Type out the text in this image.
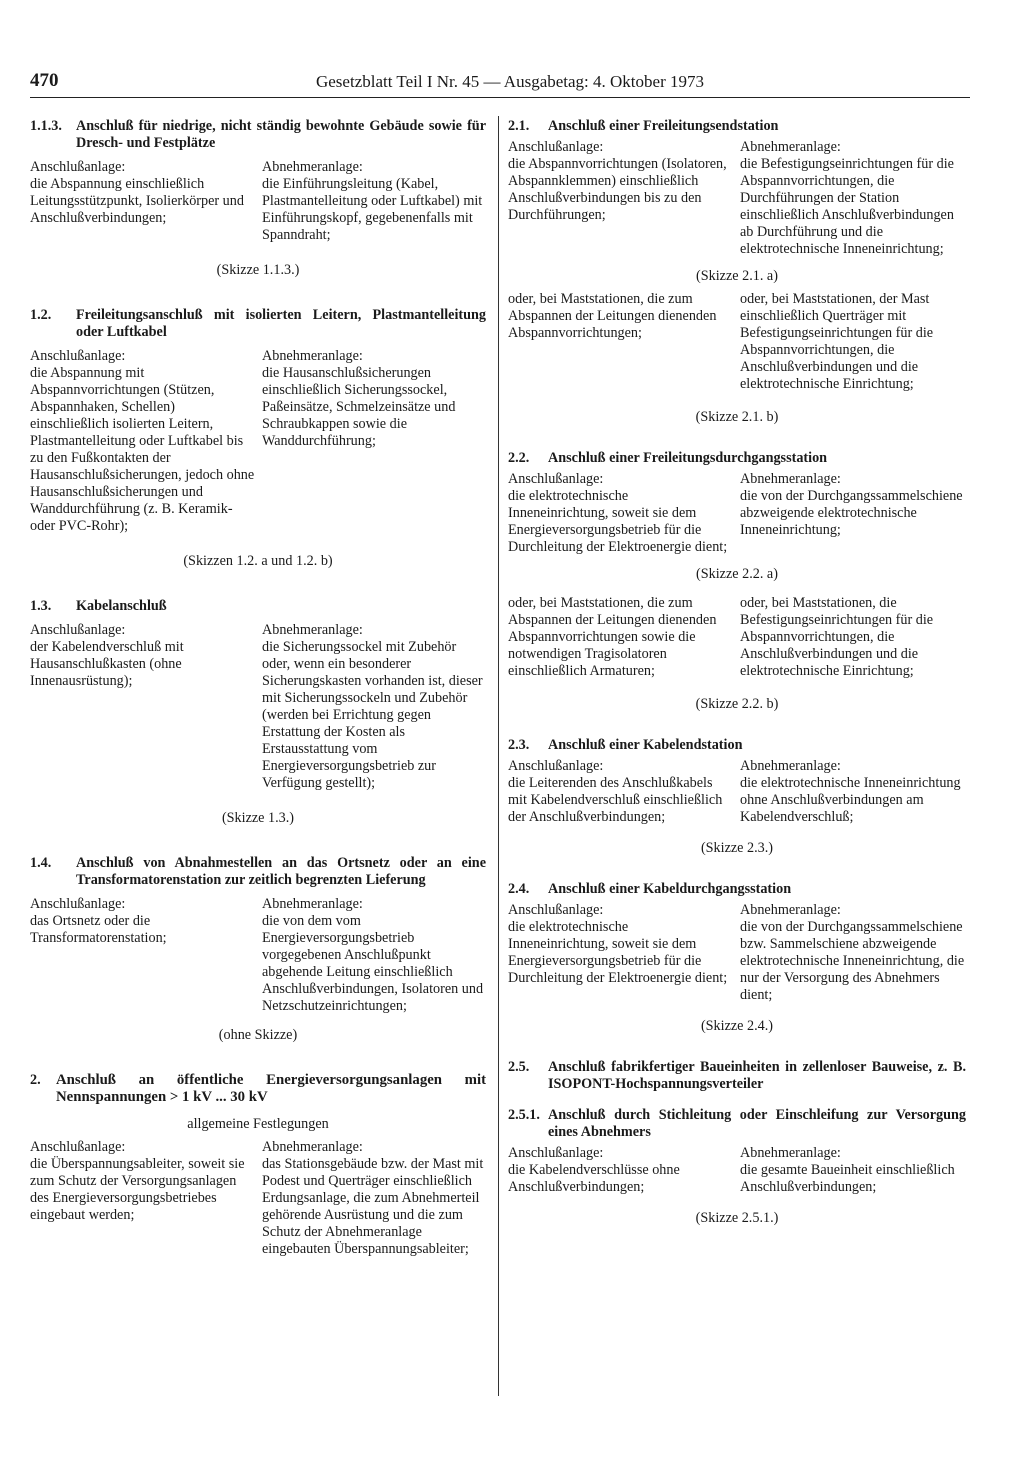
470	Gesetzblatt Teil I Nr. 45 — Ausgabetag: 4. Oktober 1973
1.1.3. Anschluß für niedrige, nicht ständig bewohnte Gebäude sowie für Dresch- und Festplätze
Anschlußanlage:
die Abspannung einschließlich Leitungsstützpunkt, Isolierkörper und Anschlußverbindungen;
Abnehmeranlage:
die Einführungsleitung (Kabel, Plastmantelleitung oder Luftkabel) mit Einführungskopf, gegebenenfalls mit Spanndraht;
(Skizze 1.1.3.)
1.2.	Freileitungsanschluß mit isolierten Leitern, Plastmantelleitung oder Luftkabel
Anschlußanlage:
die Abspannung mit Abspannvorrichtungen (Stützen, Abspannhaken, Schellen) einschließlich isolierten Leitern, Plastmantelleitung oder Luftkabel bis zu den Fußkontakten der Hausanschlußsicherungen, jedoch ohne Hausanschlußsicherungen und Wanddurchführung (z. B. Keramik- oder PVC-Rohr);
Abnehmeranlage:
die Hausanschlußsicherungen einschließlich Sicherungssockel, Paßeinsätze, Schmelzeinsätze und Schraubkappen sowie die Wanddurchführung;
(Skizzen 1.2. a und 1.2. b)
1.3.	Kabelanschluß
Anschlußanlage:
der Kabelendverschluß mit Hausanschlußkasten (ohne Innenausrüstung);
Abnehmeranlage:
die Sicherungssockel mit Zubehör oder, wenn ein besonderer Sicherungskasten vorhanden ist, dieser mit Sicherungssockeln und Zubehör (werden bei Errichtung gegen Erstattung der Kosten als Erstausstattung vom Energieversorgungsbetrieb zur Verfügung gestellt);
(Skizze 1.3.)
1.4.	Anschluß von Abnahmestellen an das Ortsnetz oder an eine Transformatorenstation zur zeitlich begrenzten Lieferung
Anschlußanlage:
das Ortsnetz oder die Transformatorenstation;
Abnehmeranlage:
die von dem vom Energieversorgungsbetrieb vorgegebenen Anschlußpunkt abgehende Leitung einschließlich Anschlußverbindungen, Isolatoren und Netzschutzeinrichtungen;
(ohne Skizze)
2.	Anschluß an öffentliche Energieversorgungsanlagen mit Nennspannungen > 1 kV ... 30 kV
allgemeine Festlegungen
Anschlußanlage:
die Überspannungsableiter, soweit sie zum Schutz der Versorgungsanlagen des Energieversorgungsbetriebes eingebaut werden;
Abnehmeranlage:
das Stationsgebäude bzw. der Mast mit Podest und Querträger einschließlich Erdungsanlage, die zum Abnehmerteil gehörende Ausrüstung und die zum Schutz der Abnehmeranlage eingebauten Überspannungsableiter;
2.1.	Anschluß einer Freileitungsendstation
Anschlußanlage:
die Abspannvorrichtungen (Isolatoren, Abspannklemmen) einschließlich Anschlußverbindungen bis zu den Durchführungen;
Abnehmeranlage:
die Befestigungseinrichtungen für die Abspannvorrichtungen, die Durchführungen der Station einschließlich Anschlußverbindungen ab Durchführung und die elektrotechnische Inneneinrichtung;
(Skizze 2.1. a)
oder, bei Maststationen, die zum Abspannen der Leitungen dienenden Abspannvorrichtungen;
oder, bei Maststationen, der Mast einschließlich Querträger mit Befestigungseinrichtungen für die Abspannvorrichtungen, die Anschlußverbindungen und die elektrotechnische Einrichtung;
(Skizze 2.1. b)
2.2.	Anschluß einer Freileitungsdurchgangsstation
Anschlußanlage:
die elektrotechnische Inneneinrichtung, soweit sie dem Energieversorgungsbetrieb für die Durchleitung der Elektroenergie dient;
Abnehmeranlage:
die von der Durchgangssammelschiene abzweigende elektrotechnische Inneneinrichtung;
(Skizze 2.2. a)
oder, bei Maststationen, die zum Abspannen der Leitungen dienenden Abspannvorrichtungen sowie die notwendigen Tragisolatoren einschließlich Armaturen;
oder, bei Maststationen, die Befestigungseinrichtungen für die Abspannvorrichtungen, die Anschlußverbindungen und die elektrotechnische Einrichtung;
(Skizze 2.2. b)
2.3.	Anschluß einer Kabelendstation
Anschlußanlage:
die Leiterenden des Anschlußkabels mit Kabelendverschluß einschließlich der Anschlußverbindungen;
Abnehmeranlage:
die elektrotechnische Inneneinrichtung ohne Anschlußverbindungen am Kabelendverschluß;
(Skizze 2.3.)
2.4.	Anschluß einer Kabeldurchgangsstation
Anschlußanlage:
die elektrotechnische Inneneinrichtung, soweit sie dem Energieversorgungsbetrieb für die Durchleitung der Elektroenergie dient;
Abnehmeranlage:
die von der Durchgangssammelschiene bzw. Sammelschiene abzweigende elektrotechnische Inneneinrichtung, die nur der Versorgung des Abnehmers dient;
(Skizze 2.4.)
2.5.	Anschluß fabrikfertiger Baueinheiten in zellenloser Bauweise, z. B. ISOPONT-Hochspannungsverteiler
2.5.1. Anschluß durch Stichleitung oder Einschleifung zur Versorgung eines Abnehmers
Anschlußanlage:
die Kabelendverschlüsse ohne Anschlußverbindungen;
Abnehmeranlage:
die gesamte Baueinheit einschließlich Anschlußverbindungen;
(Skizze 2.5.1.)
